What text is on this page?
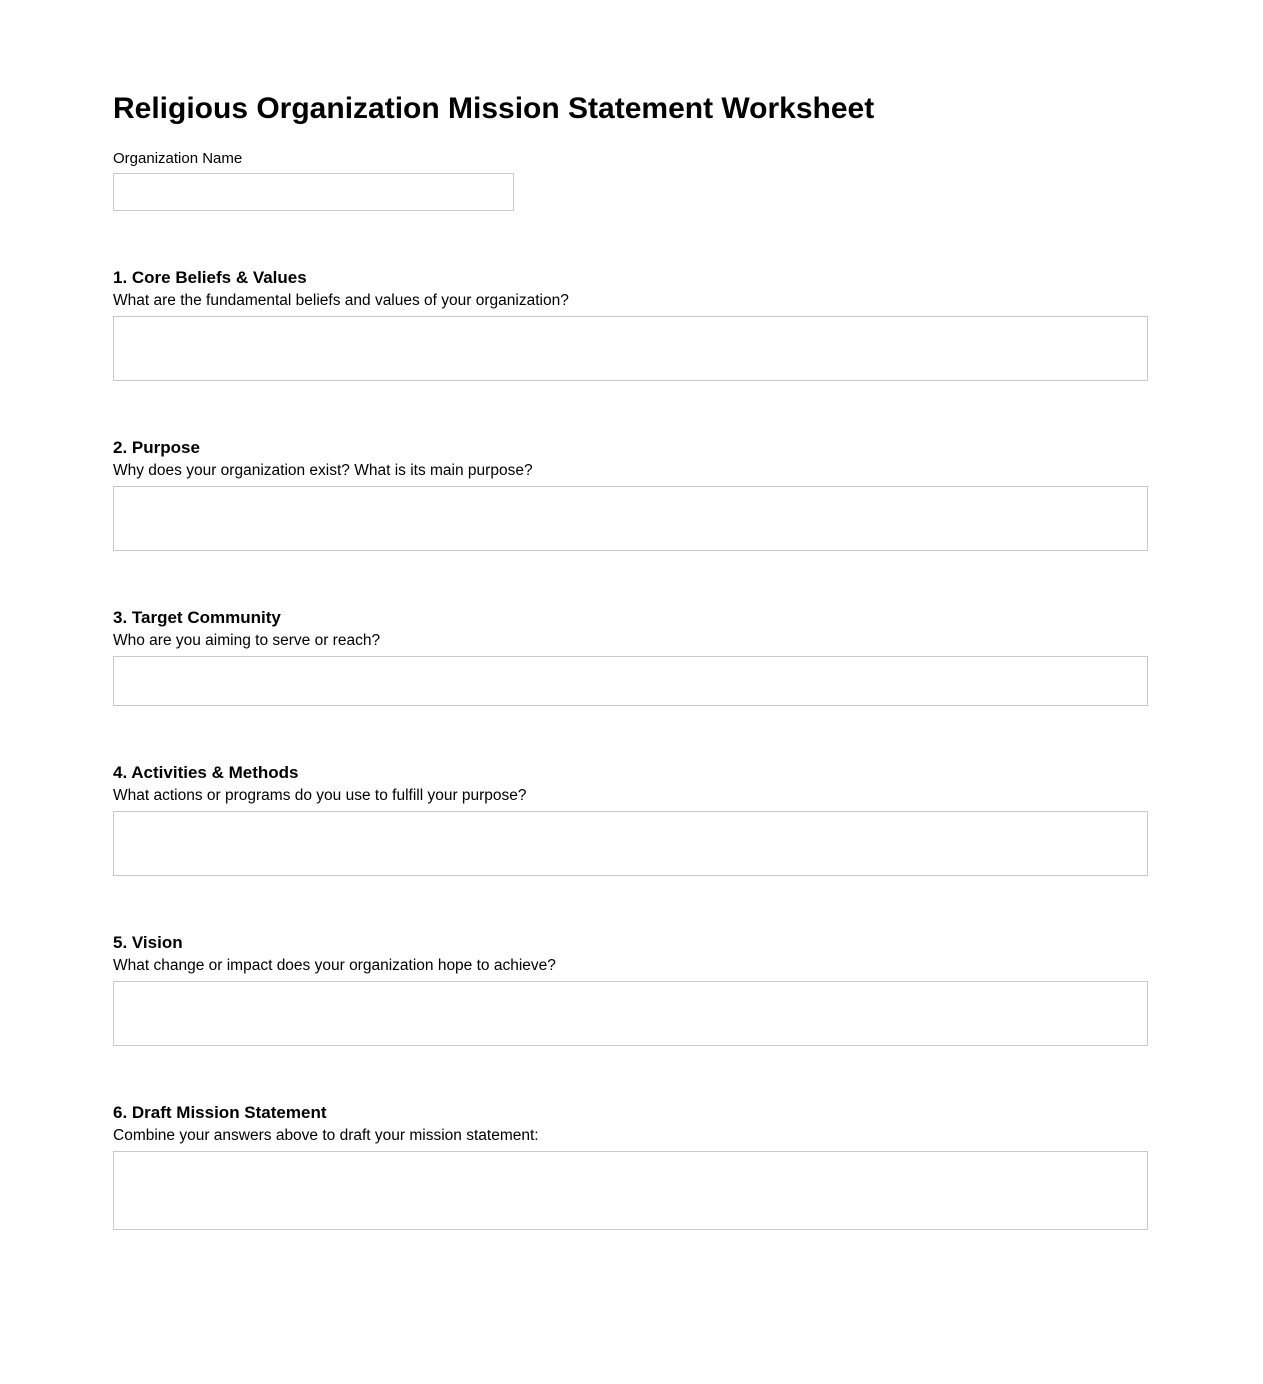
Religious Organization Mission Statement Worksheet
Organization Name
1. Core Beliefs & Values

What are the fundamental beliefs and values of your organization?

2. Purpose

Why does your organization exist? What is its main purpose?

3. Target Community

Who are you aiming to serve or reach?

4. Activities & Methods

What actions or programs do you use to fulfill your purpose?

5. Vision

What change or impact does your organization hope to achieve?

6. Draft Mission Statement

Combine your answers above to draft your mission statement:
